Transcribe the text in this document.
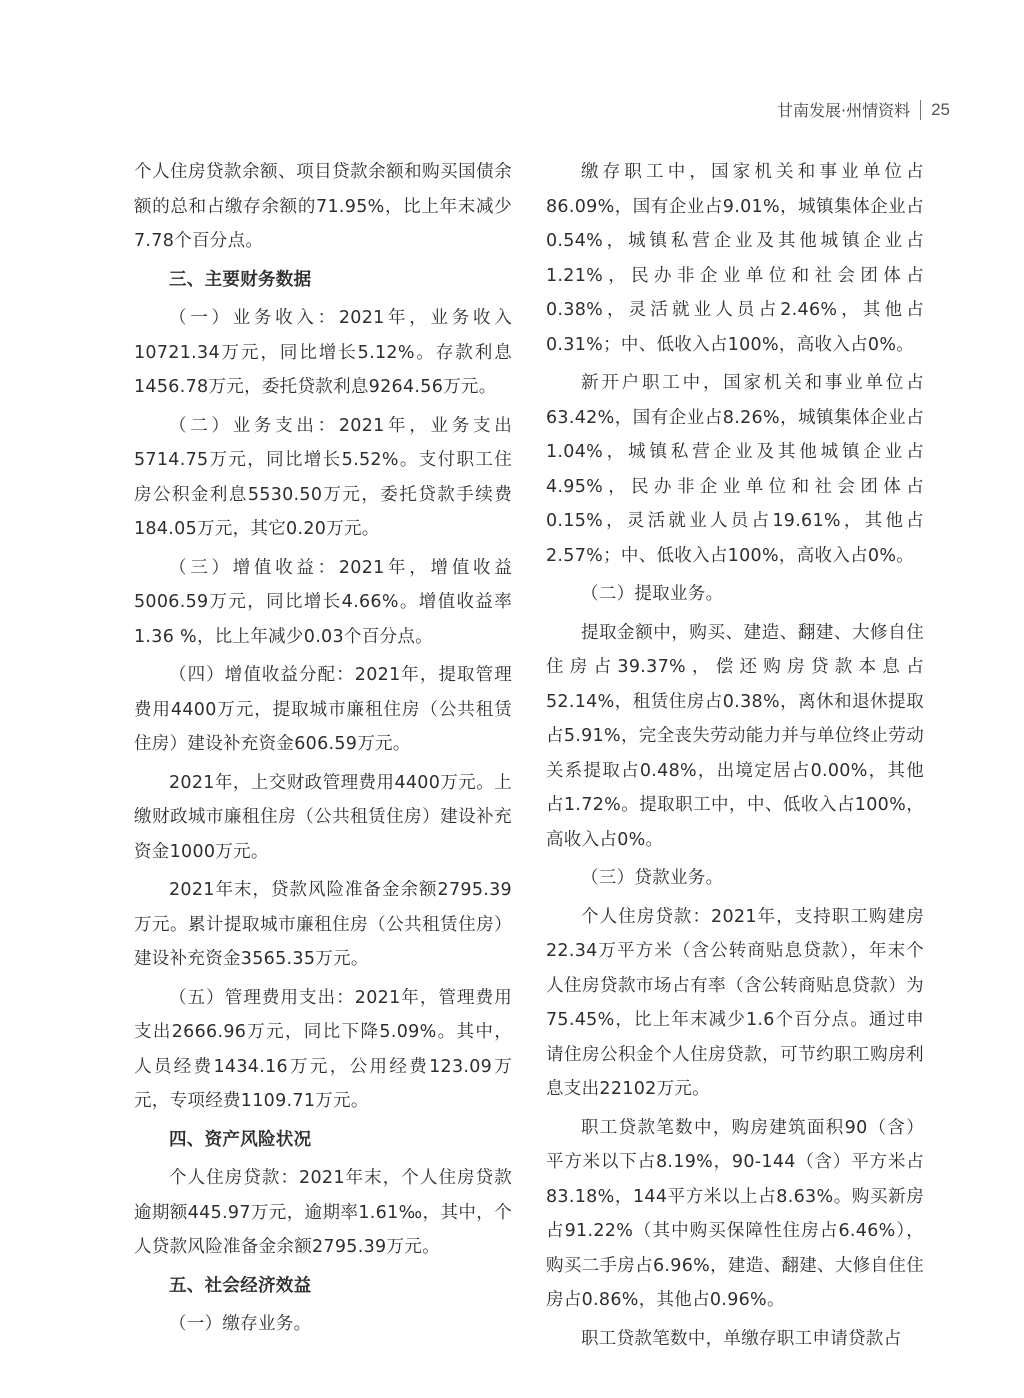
甘南发展·州情资料 25

个人住房贷款余额、项目贷款余额和购买国债余额的总和占缴存余额的71.95%，比上年末减少7.78个百分点。

三、主要财务数据

（一）业务收入：2021年，业务收入10721.34万元，同比增长5.12%。存款利息1456.78万元，委托贷款利息9264.56万元。

（二）业务支出：2021年，业务支出5714.75万元，同比增长5.52%。支付职工住房公积金利息5530.50万元，委托贷款手续费184.05万元，其它0.20万元。

（三）增值收益：2021年，增值收益5006.59万元，同比增长4.66%。增值收益率1.36 %，比上年减少0.03个百分点。

（四）增值收益分配：2021年，提取管理费用4400万元，提取城市廉租住房（公共租赁住房）建设补充资金606.59万元。

2021年，上交财政管理费用4400万元。上缴财政城市廉租住房（公共租赁住房）建设补充资金1000万元。

2021年末，贷款风险准备金余额2795.39万元。累计提取城市廉租住房（公共租赁住房）建设补充资金3565.35万元。

（五）管理费用支出：2021年，管理费用支出2666.96万元，同比下降5.09%。其中，人员经费1434.16万元，公用经费123.09万元，专项经费1109.71万元。

四、资产风险状况

个人住房贷款：2021年末，个人住房贷款逾期额445.97万元，逾期率1.61‰，其中，个人贷款风险准备金余额2795.39万元。

五、社会经济效益

（一）缴存业务。

缴存职工中，国家机关和事业单位占86.09%，国有企业占9.01%，城镇集体企业占0.54%，城镇私营企业及其他城镇企业占1.21%，民办非企业单位和社会团体占0.38%，灵活就业人员占2.46%，其他占0.31%；中、低收入占100%，高收入占0%。

新开户职工中，国家机关和事业单位占63.42%，国有企业占8.26%，城镇集体企业占1.04%，城镇私营企业及其他城镇企业占4.95%，民办非企业单位和社会团体占0.15%，灵活就业人员占19.61%，其他占2.57%；中、低收入占100%，高收入占0%。

（二）提取业务。

提取金额中，购买、建造、翻建、大修自住住房占39.37%，偿还购房贷款本息占52.14%，租赁住房占0.38%，离休和退休提取占5.91%，完全丧失劳动能力并与单位终止劳动关系提取占0.48%，出境定居占0.00%，其他占1.72%。提取职工中，中、低收入占100%，高收入占0%。

（三）贷款业务。

个人住房贷款：2021年，支持职工购建房22.34万平方米（含公转商贴息贷款），年末个人住房贷款市场占有率（含公转商贴息贷款）为75.45%，比上年末减少1.6个百分点。通过申请住房公积金个人住房贷款，可节约职工购房利息支出22102万元。

职工贷款笔数中，购房建筑面积90（含）平方米以下占8.19%，90-144（含）平方米占83.18%，144平方米以上占8.63%。购买新房占91.22%（其中购买保障性住房占6.46%），购买二手房占6.96%，建造、翻建、大修自住住房占0.86%，其他占0.96%。

职工贷款笔数中，单缴存职工申请贷款占
